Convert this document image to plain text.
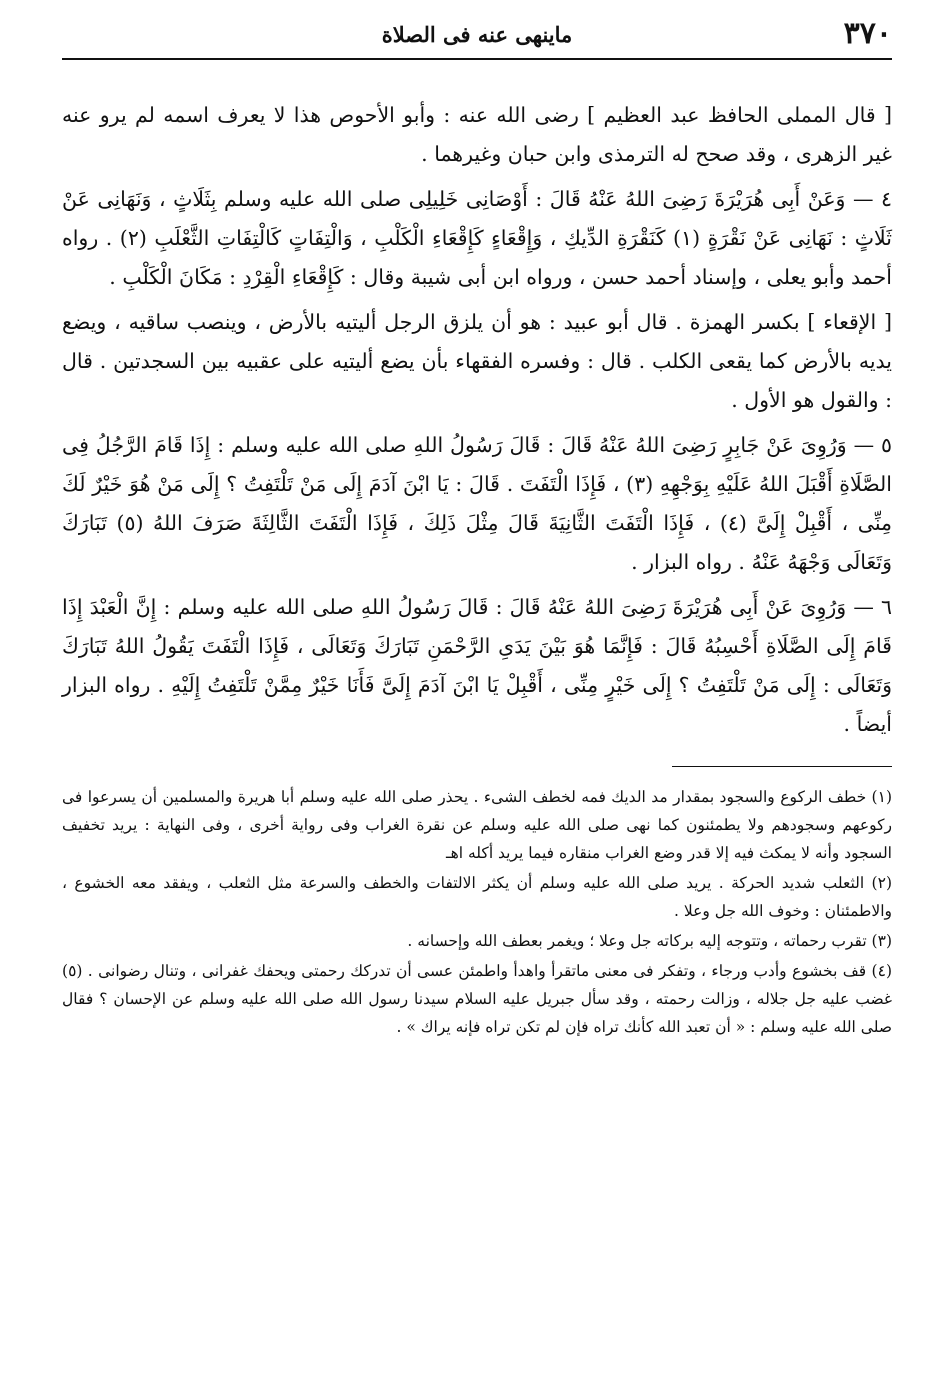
٣٧٠
ماينهى عنه فى الصلاة

[ قال المملى الحافظ عبد العظيم ] رضى الله عنه : وأبو الأحوص هذا لا يعرف اسمه لم يرو عنه غير الزهرى ، وقد صحح له الترمذى وابن حبان وغيرهما .

٤ — وَعَنْ أَبِى هُرَيْرَةَ رَضِىَ اللهُ عَنْهُ قَالَ : أَوْصَانِى خَلِيلِى صلى الله عليه وسلم بِثَلَاثٍ ، وَنَهَانِى عَنْ ثَلَاثٍ : نَهَانِى عَنْ نَقْرَةٍ (١) كَنَقْرَةِ الدِّيكِ ، وَإِقْعَاءٍ كَإِقْعَاءِ الْكَلْبِ ، وَالْتِفَاتٍ كَالْتِفَاتِ الثَّعْلَبِ (٢) . رواه أحمد وأبو يعلى ، وإسناد أحمد حسن ، ورواه ابن أبى شيبة وقال : كَإِقْعَاءِ الْقِرْدِ : مَكَانَ الْكَلْبِ .

[ الإقعاء ] بكسر الهمزة . قال أبو عبيد : هو أن يلزق الرجل أليتيه بالأرض ، وينصب ساقيه ، ويضع يديه بالأرض كما يقعى الكلب . قال : وفسره الفقهاء بأن يضع أليتيه على عقبيه بين السجدتين . قال : والقول هو الأول .

٥ — وَرُوِىَ عَنْ جَابِرٍ رَضِىَ اللهُ عَنْهُ قَالَ : قَالَ رَسُولُ اللهِ صلى الله عليه وسلم : إِذَا قَامَ الرَّجُلُ فِى الصَّلَاةِ أَقْبَلَ اللهُ عَلَيْهِ بِوَجْهِهِ (٣) ، فَإِذَا الْتَفَتَ . قَالَ : يَا ابْنَ آدَمَ إِلَى مَنْ تَلْتَفِتُ ؟ إِلَى مَنْ هُوَ خَيْرٌ لَكَ مِنِّى ، أَقْبِلْ إِلَىَّ (٤) ، فَإِذَا الْتَفَتَ الثَّانِيَةَ قَالَ مِثْلَ ذَلِكَ ، فَإِذَا الْتَفَتَ الثَّالِثَةَ صَرَفَ اللهُ (٥) تَبَارَكَ وَتَعَالَى وَجْهَهُ عَنْهُ . رواه البزار .

٦ — وَرُوِىَ عَنْ أَبِى هُرَيْرَةَ رَضِىَ اللهُ عَنْهُ قَالَ : قَالَ رَسُولُ اللهِ صلى الله عليه وسلم : إِنَّ الْعَبْدَ إِذَا قَامَ إِلَى الصَّلَاةِ أَحْسِبُهُ قَالَ : فَإِنَّمَا هُوَ بَيْنَ يَدَىِ الرَّحْمَنِ تَبَارَكَ وَتَعَالَى ، فَإِذَا الْتَفَتَ يَقُولُ اللهُ تَبَارَكَ وَتَعَالَى : إِلَى مَنْ تَلْتَفِتُ ؟ إِلَى خَيْرٍ مِنِّى ، أَقْبِلْ يَا ابْنَ آدَمَ إِلَىَّ فَأَنَا خَيْرٌ مِمَّنْ تَلْتَفِتُ إِلَيْهِ . رواه البزار أيضاً .

(١) خطف الركوع والسجود بمقدار مد الديك فمه لخطف الشىء . يحذر صلى الله عليه وسلم أبا هريرة والمسلمين أن يسرعوا فى ركوعهم وسجودهم ولا يطمئنون كما نهى صلى الله عليه وسلم عن نقرة الغراب وفى رواية أخرى ، وفى النهاية : يريد تخفيف السجود وأنه لا يمكث فيه إلا قدر وضع الغراب منقاره فيما يريد أكله اهـ

(٢) الثعلب شديد الحركة . يريد صلى الله عليه وسلم أن يكثر الالتفات والخطف والسرعة مثل الثعلب ، ويفقد معه الخشوع ، والاطمئنان : وخوف الله جل وعلا .

(٣) تقرب رحماته ، وتتوجه إليه بركاته جل وعلا ؛ ويغمر بعطف الله وإحسانه .

(٤) قف بخشوع وأدب ورجاء ، وتفكر فى معنى ماتقرأ واهدأ واطمئن عسى أن تدركك رحمتى ويحفك غفرانى ، وتنال رضوانى . (٥) غضب عليه جل جلاله ، وزالت رحمته ، وقد سأل جبريل عليه السلام سيدنا رسول الله صلى الله عليه وسلم عن الإحسان ؟ فقال صلى الله عليه وسلم : « أن تعبد الله كأنك تراه فإن لم تكن تراه فإنه يراك » .
